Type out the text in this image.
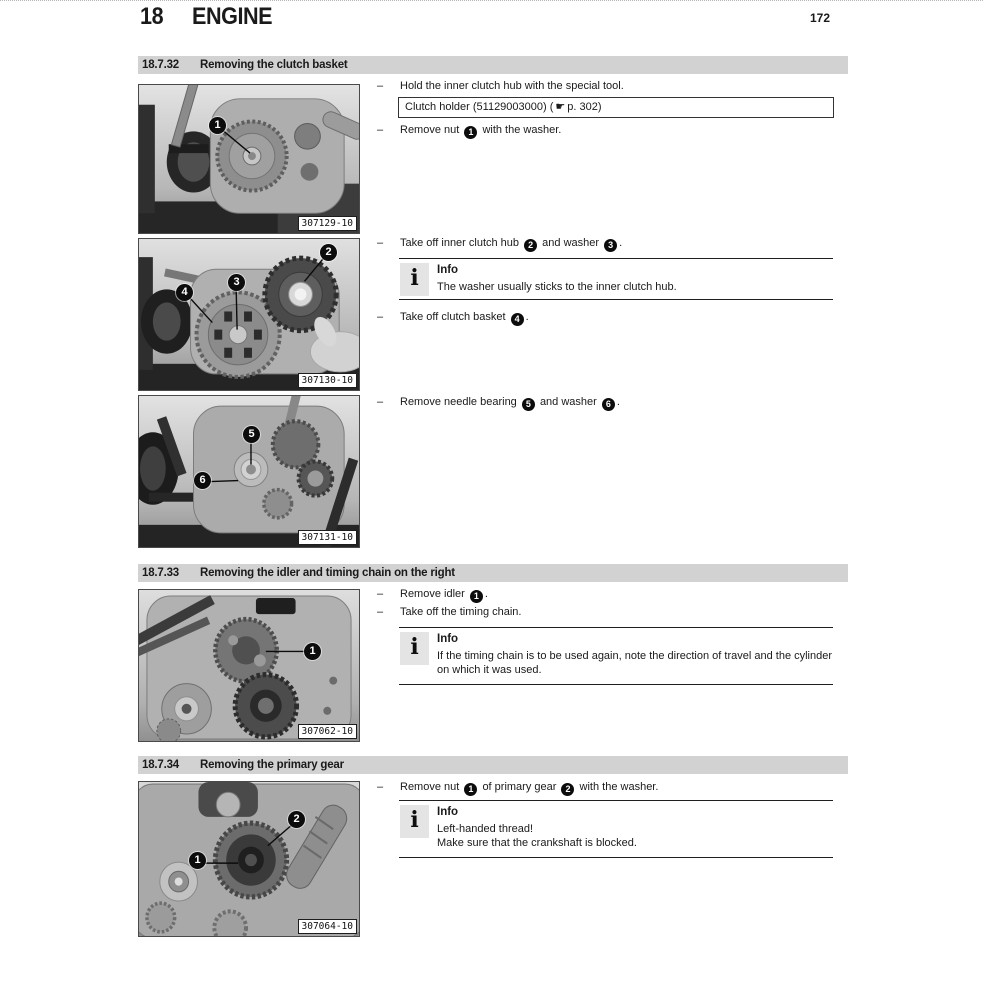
18 ENGINE	172
18.7.32 Removing the clutch basket
1
307129-10
– Hold the inner clutch hub with the special tool.
Clutch holder (51129003000) ( ☛ p. 302)
– Remove nut 1 with the washer.
2
3
4
307130-10
– Take off inner clutch hub 2 and washer 3 .
i	Info
The washer usually sticks to the inner clutch hub.
– Take off clutch basket 4 .
5
6
307131-10
– Remove needle bearing 5 and washer 6 .
18.7.33 Removing the idler and timing chain on the right
1
307062-10
– Remove idler 1 .
– Take off the timing chain.
i	Info
If the timing chain is to be used again, note the direction of travel and the cylinder on which it was used.
18.7.34 Removing the primary gear
1
2
307064-10
– Remove nut 1 of primary gear 2 with the washer.
i	Info
Left-handed thread!
Make sure that the crankshaft is blocked.
